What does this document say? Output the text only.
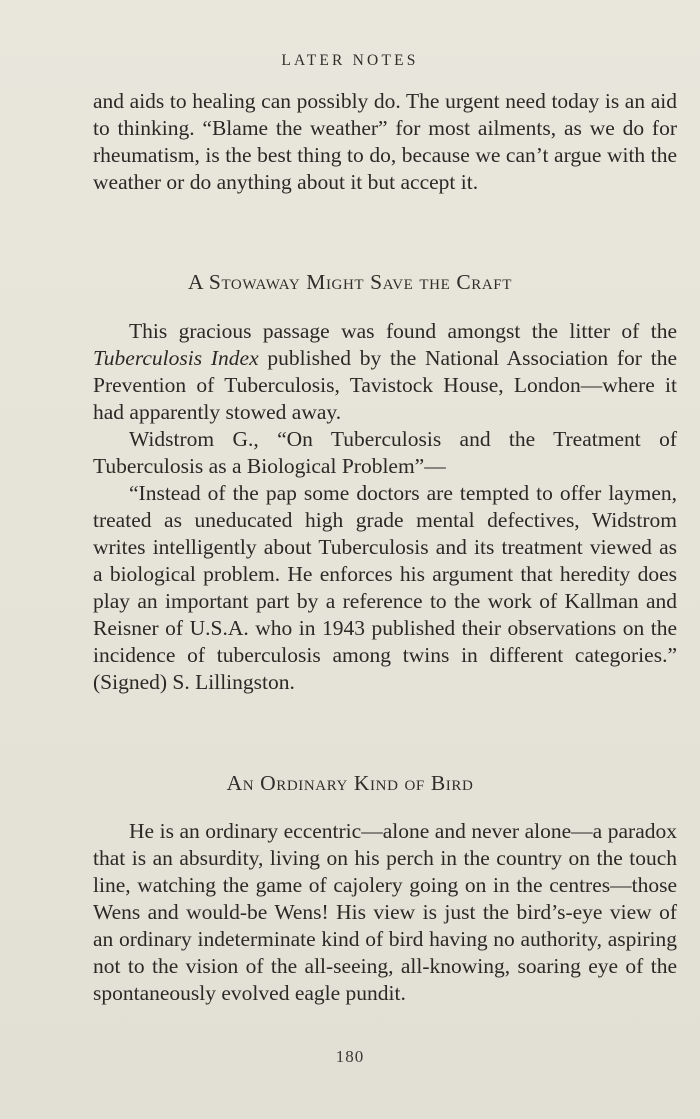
LATER NOTES

and aids to healing can possibly do. The urgent need today is an aid to thinking. “Blame the weather” for most ailments, as we do for rheumatism, is the best thing to do, because we can’t argue with the weather or do anything about it but accept it.

A Stowaway Might Save the Craft

This gracious passage was found amongst the litter of the Tuberculosis Index published by the National Association for the Prevention of Tuberculosis, Tavistock House, London—where it had apparently stowed away.

Widstrom G., “On Tuberculosis and the Treatment of Tuberculosis as a Biological Problem”—

“Instead of the pap some doctors are tempted to offer laymen, treated as uneducated high grade mental defectives, Widstrom writes intelligently about Tuberculosis and its treatment viewed as a biological problem. He enforces his argument that heredity does play an important part by a reference to the work of Kallman and Reisner of U.S.A. who in 1943 published their observations on the incidence of tuberculosis among twins in different categories.” (Signed) S. Lillingston.

An Ordinary Kind of Bird

He is an ordinary eccentric—alone and never alone—a paradox that is an absurdity, living on his perch in the country on the touch line, watching the game of cajolery going on in the centres—those Wens and would-be Wens! His view is just the bird’s-eye view of an ordinary indeterminate kind of bird having no authority, aspiring not to the vision of the all-seeing, all-knowing, soaring eye of the spontaneously evolved eagle pundit.

180
